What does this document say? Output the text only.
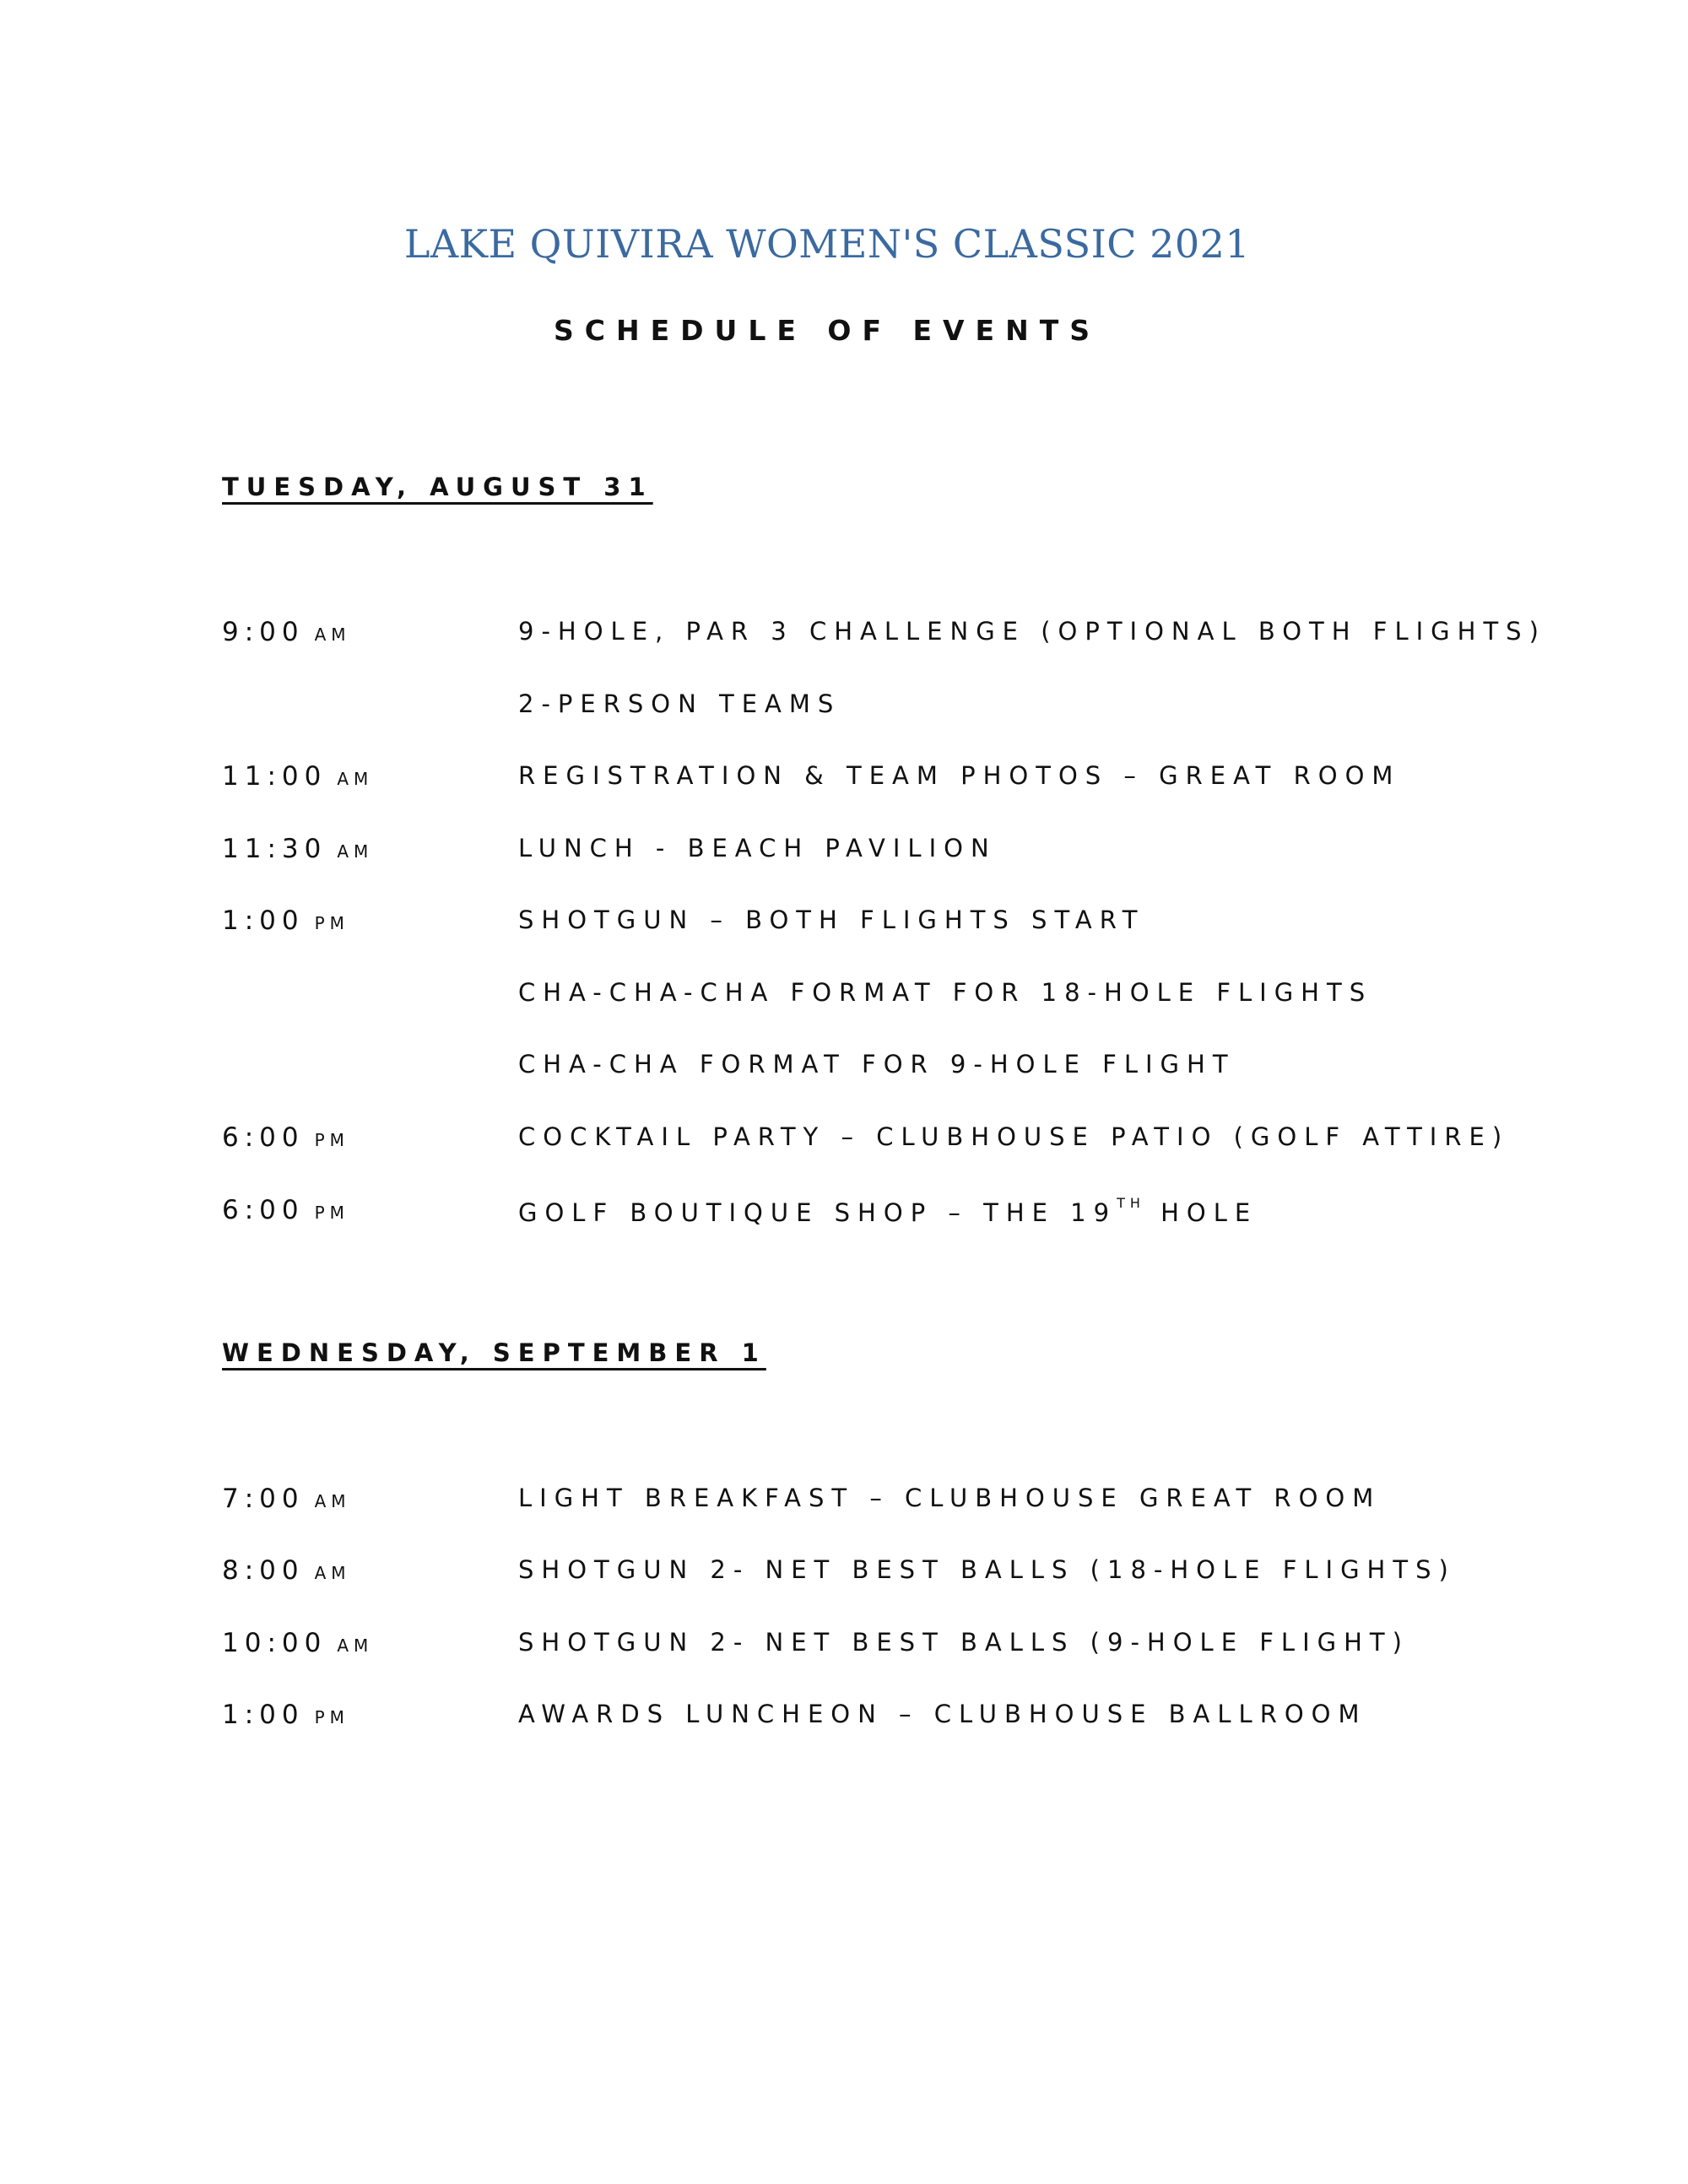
LAKE QUIVIRA WOMEN'S CLASSIC 2021
SCHEDULE OF EVENTS
TUESDAY, AUGUST 31
9:00 AM	9-HOLE, PAR 3 CHALLENGE (OPTIONAL BOTH FLIGHTS)
2-PERSON TEAMS
11:00 AM	REGISTRATION & TEAM PHOTOS – GREAT ROOM
11:30 AM	LUNCH - BEACH PAVILION
1:00 PM	SHOTGUN – BOTH FLIGHTS START
CHA-CHA-CHA FORMAT FOR 18-HOLE FLIGHTS
CHA-CHA FORMAT FOR 9-HOLE FLIGHT
6:00 PM	COCKTAIL PARTY – CLUBHOUSE PATIO (GOLF ATTIRE)
6:00 PM	GOLF BOUTIQUE SHOP – THE 19TH HOLE
WEDNESDAY, SEPTEMBER 1
7:00 AM	LIGHT BREAKFAST – CLUBHOUSE GREAT ROOM
8:00 AM	SHOTGUN 2- NET BEST BALLS (18-HOLE FLIGHTS)
10:00 AM	SHOTGUN 2- NET BEST BALLS (9-HOLE FLIGHT)
1:00 PM	AWARDS LUNCHEON – CLUBHOUSE BALLROOM
